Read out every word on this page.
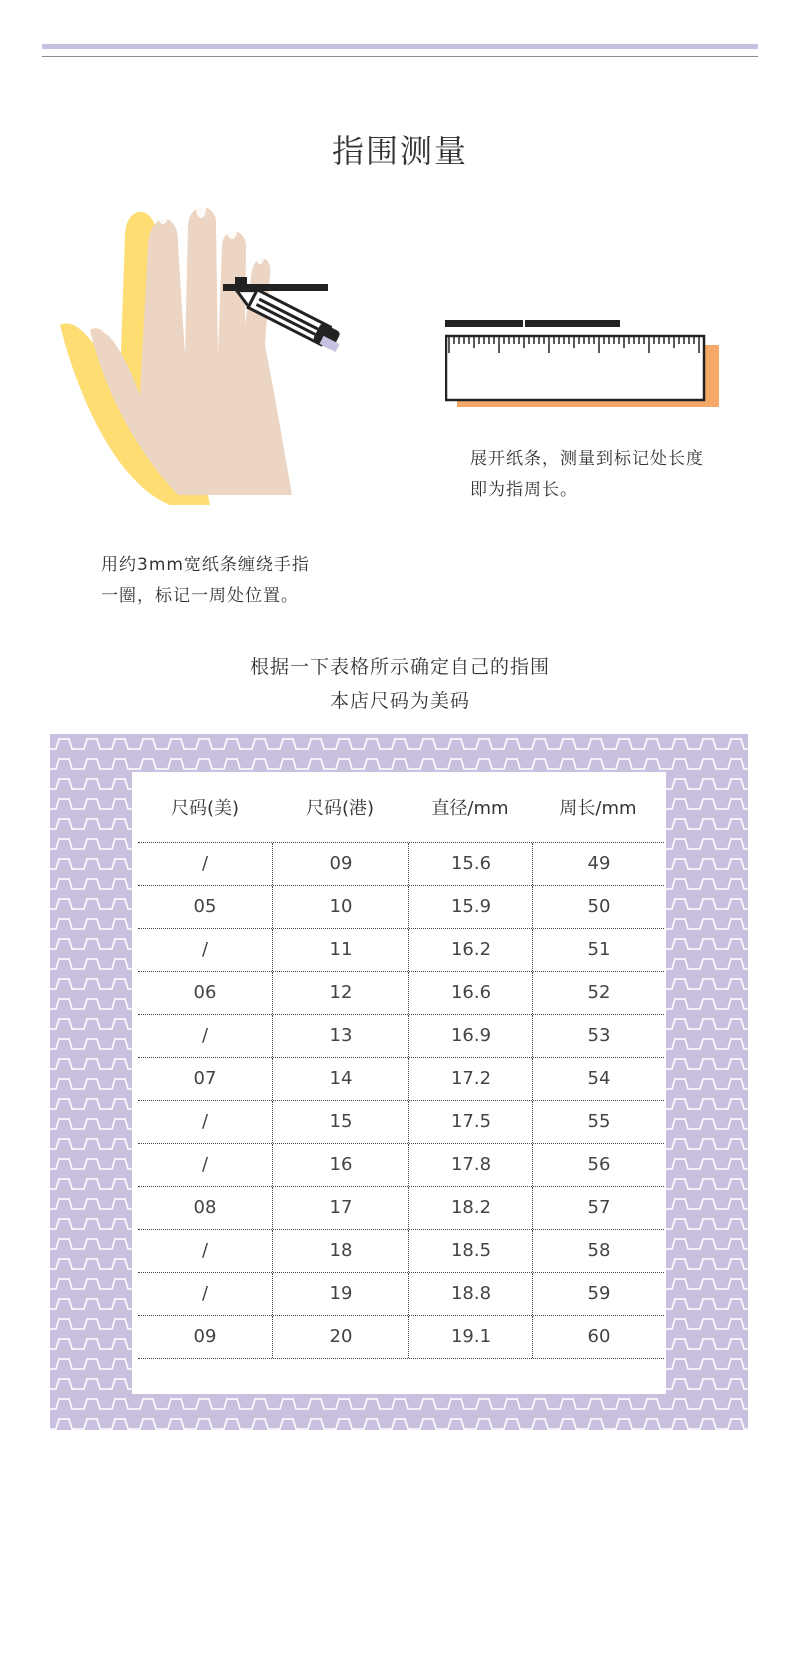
指围测量
用约3mm宽纸条缠绕手指
一圈，标记一周处位置。
展开纸条，测量到标记处长度
即为指周长。
根据一下表格所示确定自己的指围
本店尺码为美码
尺码(美)	尺码(港)	直径/mm	周长/mm
/	09	15.6	49
05	10	15.9	50
/	11	16.2	51
06	12	16.6	52
/	13	16.9	53
07	14	17.2	54
/	15	17.5	55
/	16	17.8	56
08	17	18.2	57
/	18	18.5	58
/	19	18.8	59
09	20	19.1	60
